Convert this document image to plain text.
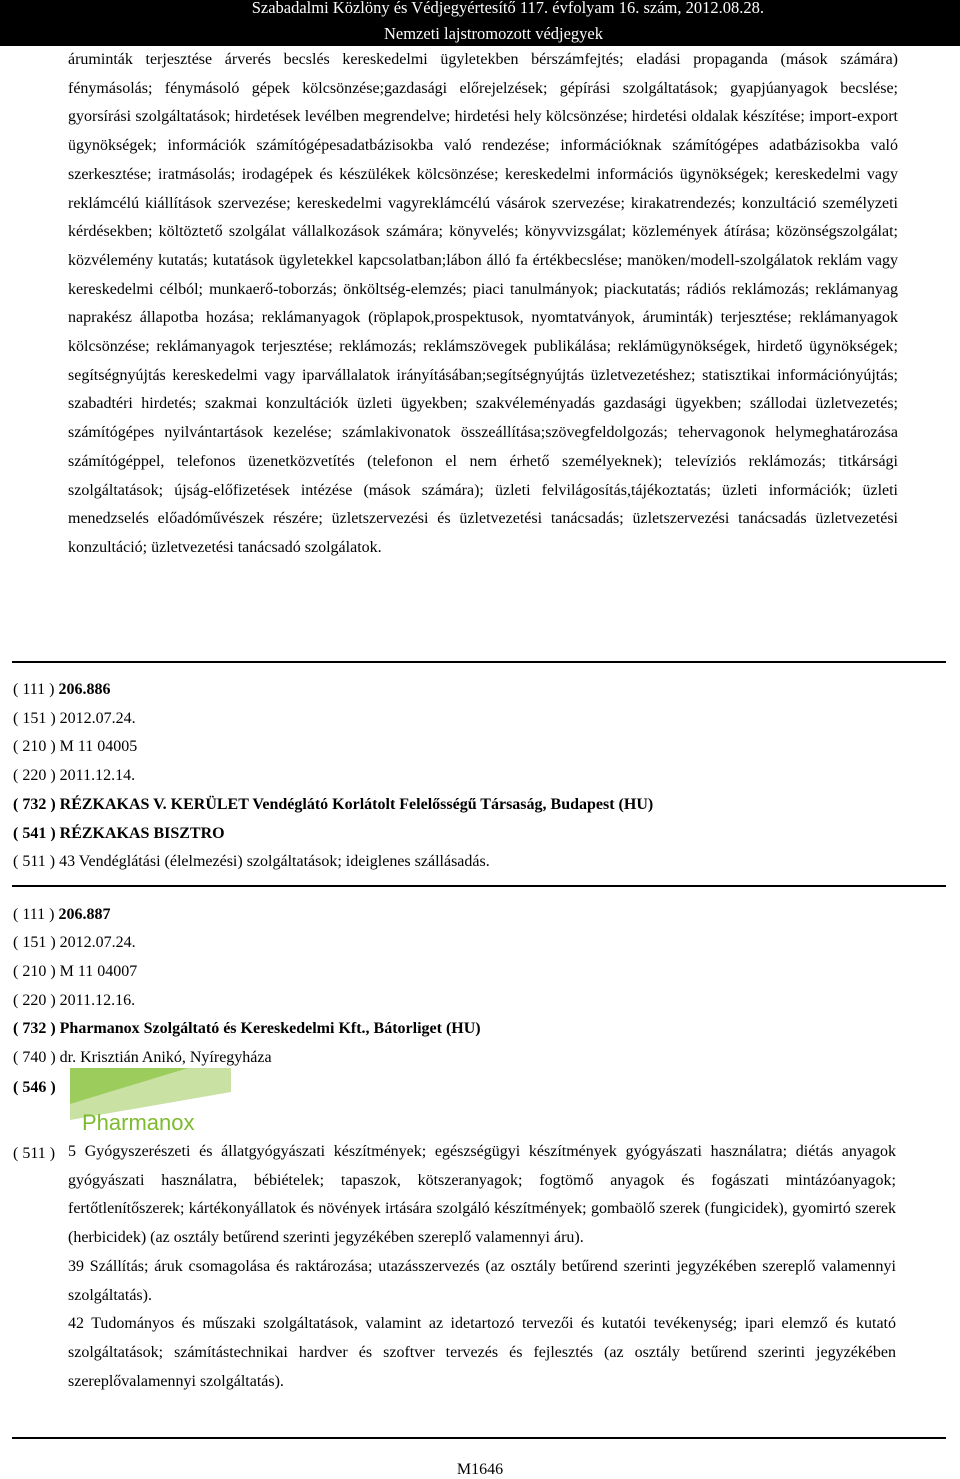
Szabadalmi Közlöny és Védjegyértesítő 117. évfolyam 16. szám, 2012.08.28.
Nemzeti lajstromozott védjegyek

áruminták terjesztése árverés becslés kereskedelmi ügyletekben bérszámfejtés; eladási propaganda (mások számára) fénymásolás; fénymásoló gépek kölcsönzése;gazdasági előrejelzések; gépírási szolgáltatások; gyapjúanyagok becslése; gyorsírási szolgáltatások; hirdetések levélben megrendelve; hirdetési hely kölcsönzése; hirdetési oldalak készítése; import-export ügynökségek; információk számítógépesadatbázisokba való rendezése; információknak számítógépes adatbázisokba való szerkesztése; iratmásolás; irodagépek és készülékek kölcsönzése; kereskedelmi információs ügynökségek; kereskedelmi vagy reklámcélú kiállítások szervezése; kereskedelmi vagyreklámcélú vásárok szervezése; kirakatrendezés; konzultáció személyzeti kérdésekben; költöztető szolgálat vállalkozások számára; könyvelés; könyvvizsgálat; közlemények átírása; közönségszolgálat; közvélemény kutatás; kutatások ügyletekkel kapcsolatban;lábon álló fa értékbecslése; manöken/modell-szolgálatok reklám vagy kereskedelmi célból; munkaerő-toborzás; önköltség-elemzés; piaci tanulmányok; piackutatás; rádiós reklámozás; reklámanyag naprakész állapotba hozása; reklámanyagok (röplapok,prospektusok, nyomtatványok, áruminták) terjesztése; reklámanyagok kölcsönzése; reklámanyagok terjesztése; reklámozás; reklámszövegek publikálása; reklámügynökségek, hirdető ügynökségek; segítségnyújtás kereskedelmi vagy iparvállalatok irányításában;segítségnyújtás üzletvezetéshez; statisztikai információnyújtás; szabadtéri hirdetés; szakmai konzultációk üzleti ügyekben; szakvéleményadás gazdasági ügyekben; szállodai üzletvezetés; számítógépes nyilvántartások kezelése; számlakivonatok összeállítása;szövegfeldolgozás; tehervagonok helymeghatározása számítógéppel, telefonos üzenetközvetítés (telefonon el nem érhető személyeknek); televíziós reklámozás; titkársági szolgáltatások; újság-előfizetések intézése (mások számára); üzleti felvilágosítás,tájékoztatás; üzleti információk; üzleti menedzselés előadóművészek részére; üzletszervezési és üzletvezetési tanácsadás; üzletszervezési tanácsadás üzletvezetési konzultáció; üzletvezetési tanácsadó szolgálatok.

( 111 ) 206.886
( 151 ) 2012.07.24.
( 210 ) M 11 04005
( 220 ) 2011.12.14.
( 732 ) RÉZKAKAS V. KERÜLET Vendéglátó Korlátolt Felelősségű Társaság, Budapest (HU)
( 541 ) RÉZKAKAS BISZTRO
( 511 ) 43 Vendéglátási (élelmezési) szolgáltatások; ideiglenes szállásadás.
( 111 ) 206.887
( 151 ) 2012.07.24.
( 210 ) M 11 04007
( 220 ) 2011.12.16.
( 732 ) Pharmanox Szolgáltató és Kereskedelmi Kft., Bátorliget (HU)
( 740 ) dr. Krisztián Anikó, Nyíregyháza
( 546 )
Pharmanox
( 511 ) 5 Gyógyszerészeti és állatgyógyászati készítmények; egészségügyi készítmények gyógyászati használatra; diétás anyagok gyógyászati használatra, bébiételek; tapaszok, kötszeranyagok; fogtömő anyagok és fogászati mintázóanyagok; fertőtlenítőszerek; kártékonyállatok és növények irtására szolgáló készítmények; gombaölő szerek (fungicidek), gyomirtó szerek (herbicidek) (az osztály betűrend szerinti jegyzékében szereplő valamennyi áru).

39 Szállítás; áruk csomagolása és raktározása; utazásszervezés (az osztály betűrend szerinti jegyzékében szereplő valamennyi szolgáltatás).

42 Tudományos és műszaki szolgáltatások, valamint az idetartozó tervezői és kutatói tevékenység; ipari elemző és kutató szolgáltatások; számítástechnikai hardver és szoftver tervezés és fejlesztés (az osztály betűrend szerinti jegyzékében szereplővalamennyi szolgáltatás).

M1646
